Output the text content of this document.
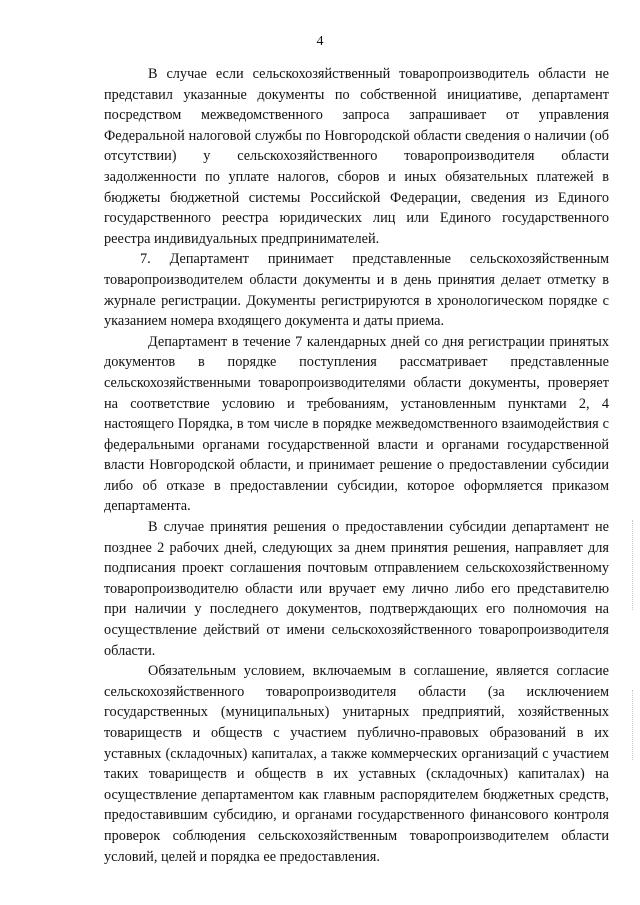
4

В случае если сельскохозяйственный товаропроизводитель области не представил указанные документы по собственной инициативе, департамент посредством межведомственного запроса запрашивает от управления Федеральной налоговой службы по Новгородской области сведения о наличии (об отсутствии) у сельскохозяйственного товаропроизводителя области задолженности по уплате налогов, сборов и иных обязательных платежей в бюджеты бюджетной системы Российской Федерации, сведения из Единого государственного реестра юридических лиц или Единого государственного реестра индивидуальных предпринимателей.

7. Департамент принимает представленные сельскохозяйственным товаропроизводителем области документы и в день принятия делает отметку в журнале регистрации. Документы регистрируются в хронологическом порядке с указанием номера входящего документа и даты приема.

Департамент в течение 7 календарных дней со дня регистрации принятых документов в порядке поступления рассматривает представленные сельскохозяйственными товаропроизводителями области документы, проверяет на соответствие условию и требованиям, установленным пунктами 2, 4 настоящего Порядка, в том числе в порядке межведомственного взаимодействия с федеральными органами государственной власти и органами государственной власти Новгородской области, и принимает решение о предоставлении субсидии либо об отказе в предоставлении субсидии, которое оформляется приказом департамента.

В случае принятия решения о предоставлении субсидии департамент не позднее 2 рабочих дней, следующих за днем принятия решения, направляет для подписания проект соглашения почтовым отправлением сельскохозяйственному товаропроизводителю области или вручает ему лично либо его представителю при наличии у последнего документов, подтверждающих его полномочия на осуществление действий от имени сельскохозяйственного товаропроизводителя области.

Обязательным условием, включаемым в соглашение, является согласие сельскохозяйственного товаропроизводителя области (за исключением государственных (муниципальных) унитарных предприятий, хозяйственных товариществ и обществ с участием публично-правовых образований в их уставных (складочных) капиталах, а также коммерческих организаций с участием таких товариществ и обществ в их уставных (складочных) капиталах) на осуществление департаментом как главным распорядителем бюджетных средств, предоставившим субсидию, и органами государственного финансового контроля проверок соблюдения сельскохозяйственным товаропроизводителем области условий, целей и порядка ее предоставления.
